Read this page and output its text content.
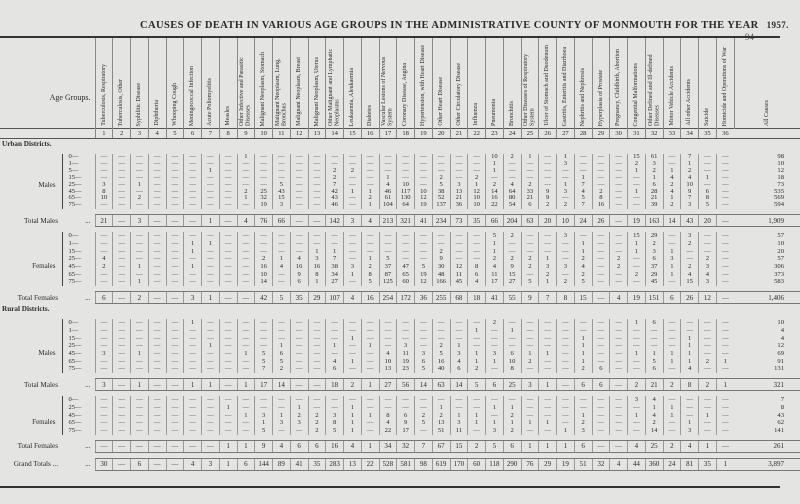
CAUSES OF DEATH IN VARIOUS AGE GROUPS IN THE ADMINISTRATIVE COUNTY OF MONMOUTH FOR THE YEAR 1957.
94
Age Groups.		Tuberculosis, Respiratory	Tuberculosis, Other	Syphilitic Disease	Diphtheria	Whooping Cough	Meningococcal Infection	Acute Poliomyelitis	Measles	Other Infective and Parasitic Diseases	Malignant Neoplasm, Stomach	Malignant Neoplasm, Lung, Bronchus	Malignant Neoplasm, Breast	Malignant Neoplasm, Uterus	Other Malignant and Lymphatic Neoplasms	Leukaemia, Aleukaemia	Diabetes	Vascular Lesions of Nervous System	Coronary Disease, Angina	Hypertension, with Heart Disease	Other Heart Disease	Other Circulatory Disease	Influenza	Pneumonia	Bronchitis	Other Diseases of Respiratory System	Ulcer of Stomach and Duodenum	Gastritis, Enteritis and Diarrhoea	Nephritis and Nephrosis	Hyperplasia of Prostate	Pregnancy, Childbirth, Abortion	Congenital Malformations	Other Defined and Ill-defined Diseases	Motor Vehicle Accidents	All other Accidents	Suicide	Homicide and Operations of War	All Causes
		1	2	3	4	5	6	7	8	9	10	11	12	13	14	15	16	17	18	19	20	21	22	23	24	25	26	27	28	29	30	31	32	33	34	35	36	
Urban Districts.																																						

	0—	—	—	—	—	—	—	—	—	1	—	—	—	—	—	—	—	—	—	—	—	—	—	10	2	1	—	1	—	—	—	15	61	—	7	—	—	98
	1—	—	—	—	—	—	—	—	—	—	—	—	—	—	—	—	—	—	—	—	—	—	—	1	—	—	—	3	—	—	—	2	3	—	1	—	—	10
	5—	—	—	—	—	—	—	1	—	—	—	—	—	—	2	2	—	—	—	—	—	—	—	1	—	—	—	—	—	—	—	1	2	1	2	—	—	12
	15—	—	—	—	—	—	—	—	—	—	—	—	—	—	2	—	—	1	—	—	2	—	2	—	—	—	—	—	1	—	—	—	1	4	4	1	—	18
Males	25—	3	—	1	—	—	—	—	—	—	—	5	—	—	7	—	—	4	10	—	5	3	1	2	4	2	—	1	7	—	—	—	6	2	10	—	—	73
	45—	8	—	—	—	—	—	—	—	2	25	43	—	—	42	1	1	46	117	10	38	13	12	14	64	33	9	3	4	2	—	1	28	4	9	6	—	535
	65—	10	—	2	—	—	—	—	—	1	32	15	—	—	43	—	2	61	130	12	52	21	10	16	80	21	9	—	5	8	—	—	21	1	7	8	—	569
	75—	—	—	—	—	—	—	—	—	—	19	3	—	—	46	—	1	104	64	19	137	36	10	22	54	6	2	2	7	16	—	—	39	2	3	5	—	594

Total Males	...	21	—	3	—	—	—	1	—	4	76	66	—	—	142	3	4	213	321	41	234	73	35	66	204	63	20	10	24	26	—	19	163	14	43	20	—	1,909

	0—	—	—	—	—	—	—	—	—	—	—	—	—	—	—	—	—	—	—	—	—	—	—	5	2	—	—	3	—	—	—	15	29	—	3	—	—	57
	1—	—	—	—	—	—	1	1	—	—	—	—	—	—	—	—	—	—	—	—	—	—	—	1	—	—	—	—	1	—	—	1	2	—	2	—	—	10
	15—	—	—	—	—	—	1	—	—	—	—	—	—	1	1	—	—	—	—	—	2	—	—	1	—	—	—	—	1	—	—	1	3	1	—	—	—	20
	25—	4	—	—	—	—	—	—	—	—	2	1	4	3	7	—	1	5	—	—	9	—	—	2	2	2	1	—	2	—	2	—	6	3	—	2	—	57
Females	45—	2	—	1	—	—	1	—	—	—	16	4	16	16	38	3	2	37	47	5	30	12	8	4	9	2	3	3	4	—	2	—	37	1	2	3	—	306
	65—	—	—	—	—	—	—	—	—	—	10	—	9	8	34	1	8	87	65	19	48	11	6	11	15	—	2	—	2	—	—	2	29	1	4	4	—	373
	75—	—	—	1	—	—	—	—	—	—	14	—	6	1	27	—	5	125	60	12	166	45	4	17	27	5	1	2	5	—	—	—	45	—	15	3	—	583

Total Females	...	6	—	2	—	—	3	1	—	—	42	5	35	29	107	4	16	254	172	36	255	68	18	41	55	9	7	8	15	—	4	19	151	6	26	12	—	1,406
Rural Districts.																																						

	0—	—	—	—	—	—	1	—	—	—	—	—	—	—	—	—	—	—	—	—	—	—	—	2	—	—	—	—	—	—	—	1	6	—	—	—	—	10
	1—	—	—	—	—	—	—	—	—	—	—	—	—	—	—	—	—	—	—	—	—	—	1	—	1	—	—	—	—	—	—	—	—	—	—	—	—	4
	15—	—	—	—	—	—	—	—	—	—	—	—	—	—	—	1	—	—	—	—	—	—	—	—	—	—	—	—	1	—	—	—	—	—	1	—	—	4
	25—	—	—	—	—	—	—	1	—	—	—	1	—	—	1	—	1	—	3	—	2	1	—	—	—	—	—	—	1	—	—	—	—	—	1	—	—	12
Males	45—	3	—	1	—	—	—	—	—	1	5	6	—	—	—	—	—	4	11	3	5	3	1	3	6	1	1	—	1	—	—	1	1	1	1	—	—	69
	65—	—	—	—	—	—	—	—	—	—	5	5	—	—	4	1	—	10	19	6	16	4	1	1	10	2	—	—	1	—	—	—	5	1	1	2	1	91
	75—	—	—	—	—	—	—	—	—	—	7	2	—	—	6	—	—	13	23	5	40	6	2	—	8	—	—	—	2	6	—	—	6	—	4	—	—	131

Total Males	...	3	—	1	—	—	1	1	—	1	17	14	—	—	18	2	1	27	56	14	63	14	5	6	25	3	1	—	6	6	—	2	21	2	8	2	1	321

	0—	—	—	—	—	—	—	—	—	—	—	—	—	—	—	—	—	—	—	—	—	—	—	—	—	—	—	—	—	—	—	3	4	—	—	—	—	7
	25—	—	—	—	—	—	—	—	1	—	—	—	1	—	—	1	—	—	—	—	1	—	—	1	1	—	—	—	—	—	—	—	1	1	—	—	—	8
	45—	—	—	—	—	—	—	—	—	1	3	1	2	2	3	1	1	8	6	2	2	1	1	—	2	—	—	—	1	—	—	1	4	1	—	1	—	43
Females	65—	—	—	—	—	—	—	—	—	—	1	3	3	2	8	1	—	4	9	5	13	3	1	1	1	1	1	—	2	—	—	—	2	—	1	—	—	62
	75—	—	—	—	—	—	—	—	—	—	5	—	—	2	5	1	—	22	17	—	51	11	—	3	2	—	—	1	3	—	—	—	14	—	3	—	—	141

Total Females	...	—	—	—	—	—	—	—	1	1	9	4	6	6	16	4	1	34	32	7	67	15	2	5	6	1	1	1	6	—	—	4	25	2	4	1	—	261

Grand Totals ...	...	30	—	6	—	—	4	3	1	6	144	89	41	35	283	13	22	528	581	98	619	170	60	118	290	76	29	19	51	32	4	44	360	24	81	35	1	3,897
